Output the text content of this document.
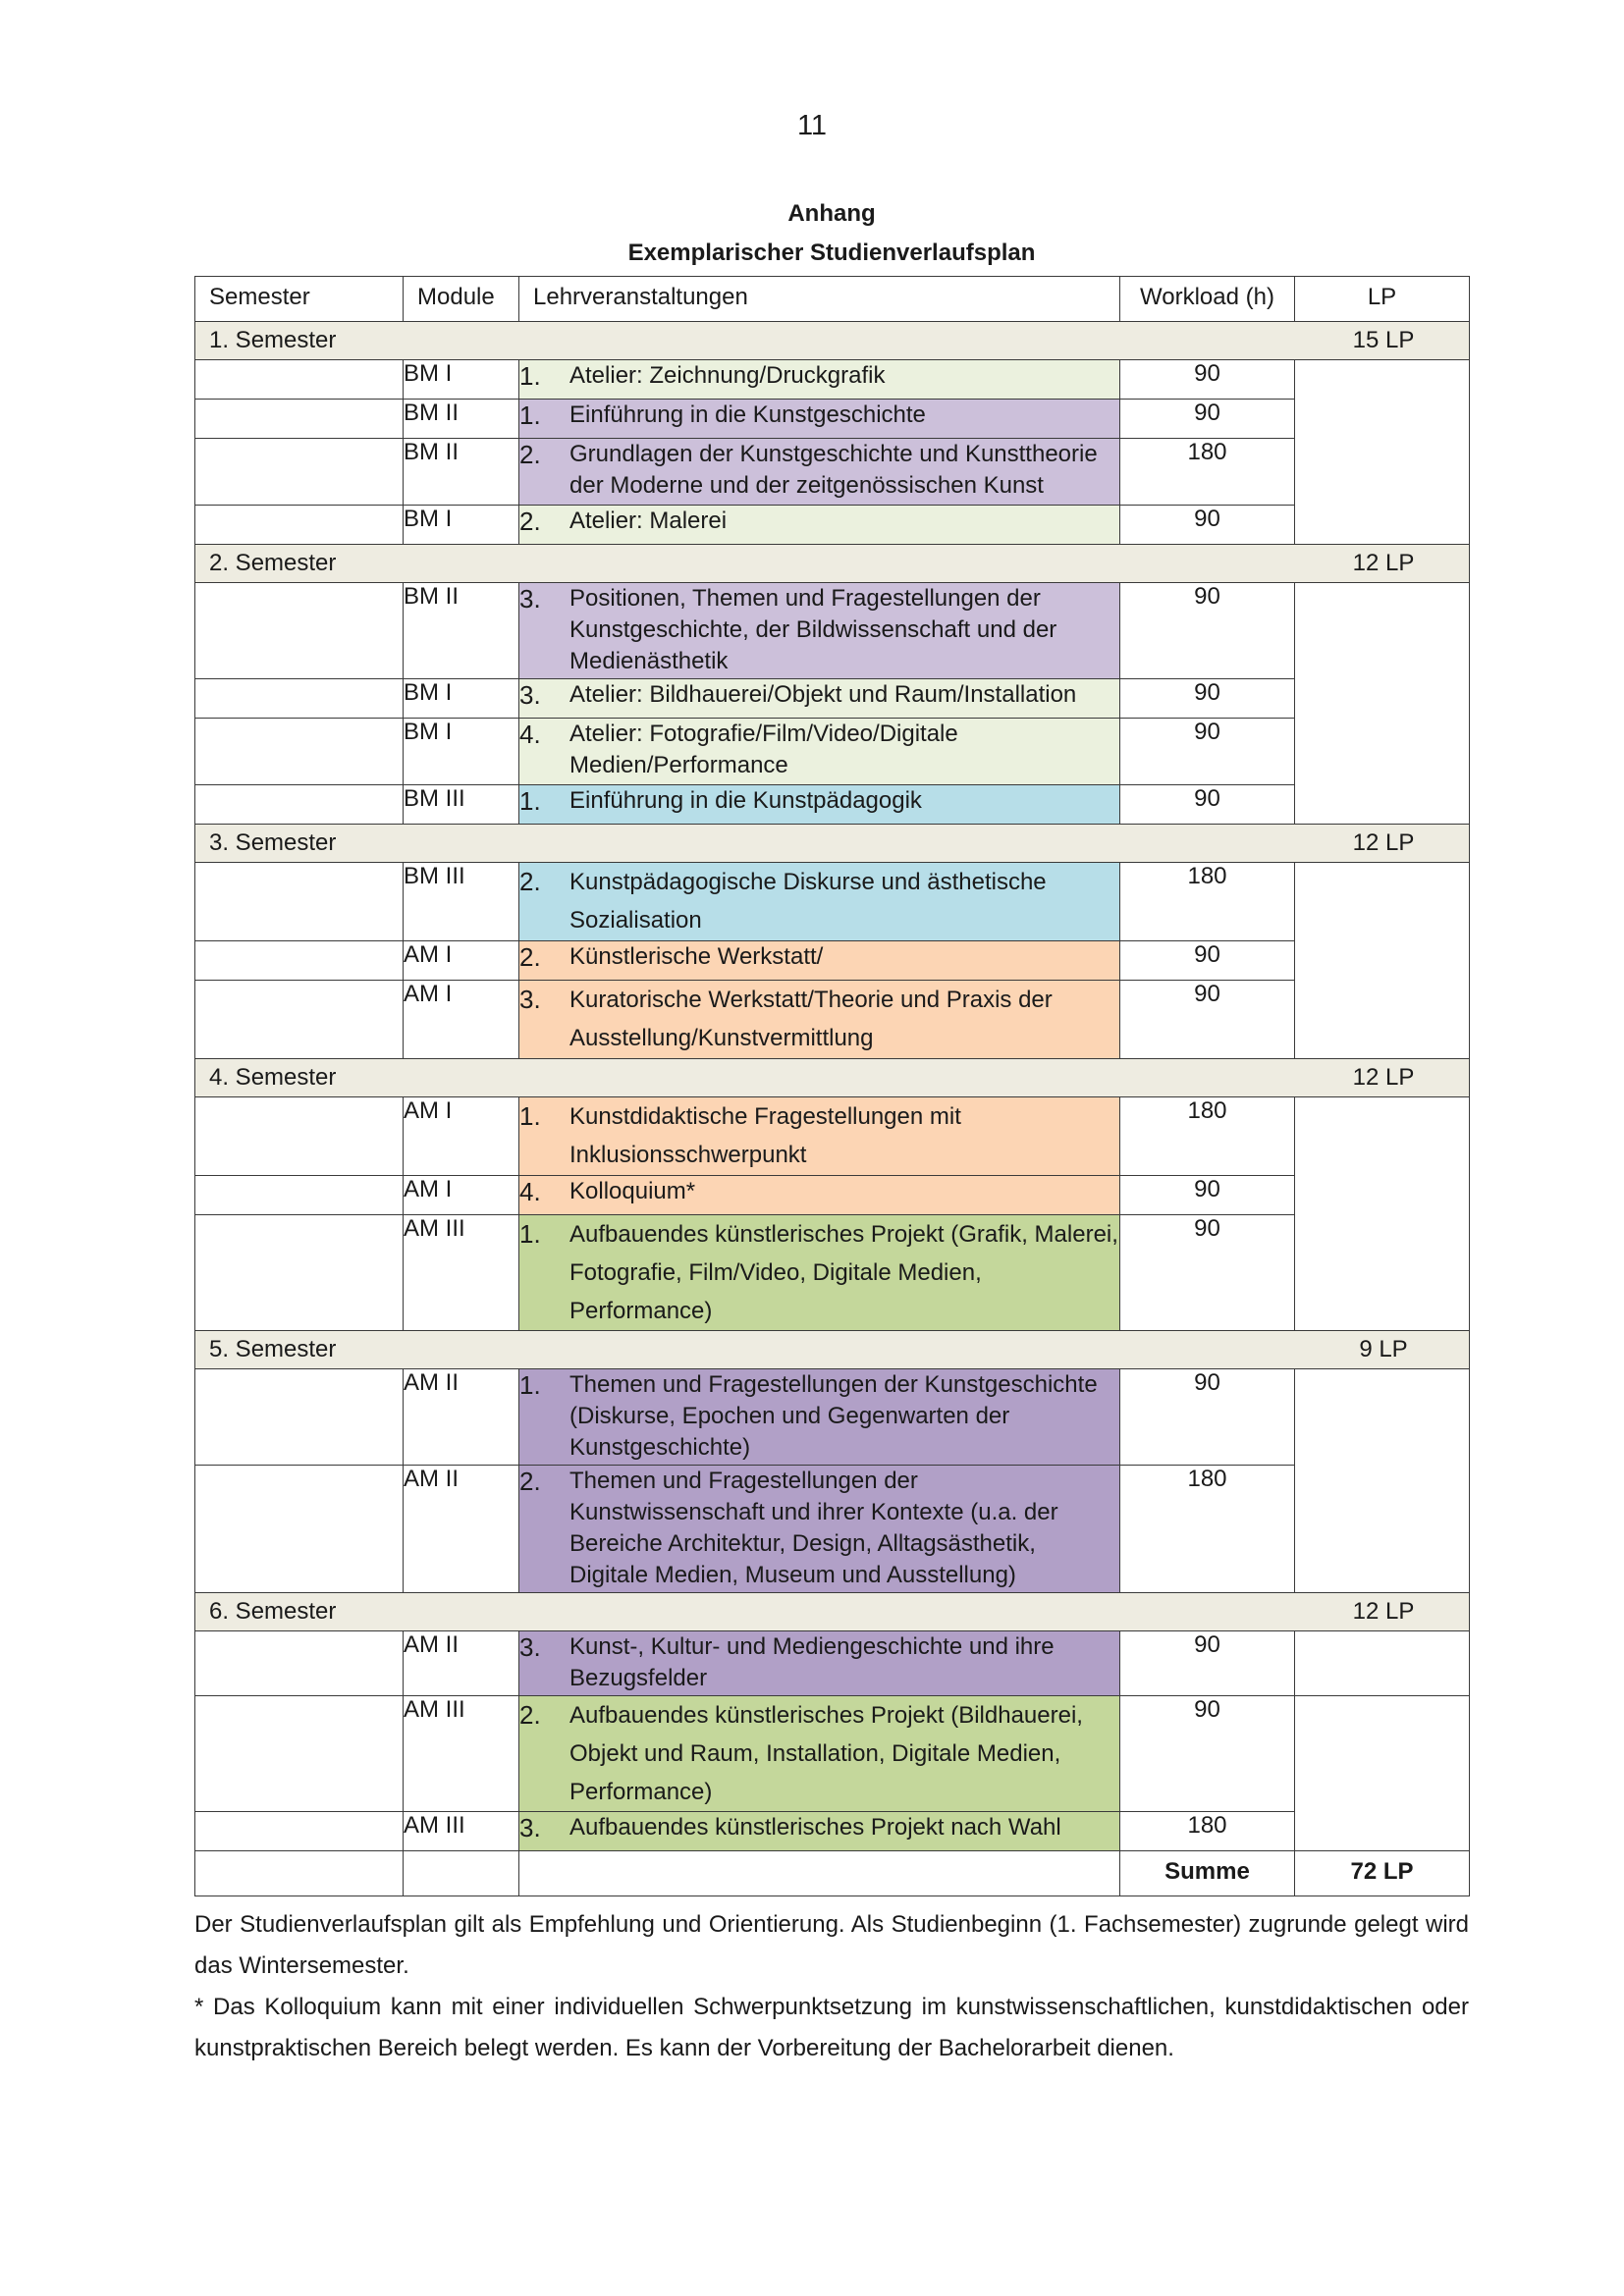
11
Anhang
Exemplarischer Studienverlaufsplan
Semester	Module	Lehrveranstaltungen	Workload (h)	LP

1. Semester 15 LP				

	BM I	1. Atelier: Zeichnung/Druckgrafik	90	
	BM II	1. Einführung in die Kunstgeschichte	90	
	BM II	2. Grundlagen der Kunstgeschichte und Kunsttheorie der Moderne und der zeitgenössischen Kunst	180	
	BM I	2. Atelier: Malerei	90	

2. Semester 12 LP				

	BM II	3. Positionen, Themen und Fragestellungen der Kunstgeschichte, der Bildwissenschaft und der Medienästhetik	90	
	BM I	3. Atelier: Bildhauerei/Objekt und Raum/Installation	90	
	BM I	4. Atelier: Fotografie/Film/Video/Digitale Medien/Performance	90	
	BM III	1. Einführung in die Kunstpädagogik	90	

3. Semester 12 LP				

	BM III	2. Kunstpädagogische Diskurse und ästhetische Sozialisation	180	
	AM I	2. Künstlerische Werkstatt/	90	
	AM I	3. Kuratorische Werkstatt/Theorie und Praxis der Ausstellung/Kunstvermittlung	90	

4. Semester 12 LP				

	AM I	1. Kunstdidaktische Fragestellungen mit Inklusionsschwerpunkt	180	
	AM I	4. Kolloquium*	90	
	AM III	1. Aufbauendes künstlerisches Projekt (Grafik, Malerei, Fotografie, Film/Video, Digitale Medien, Performance)	90	

5. Semester 9 LP				

	AM II	1. Themen und Fragestellungen der Kunstgeschichte (Diskurse, Epochen und Gegenwarten der Kunstgeschichte)	90	
	AM II	2. Themen und Fragestellungen der Kunstwissenschaft und ihrer Kontexte (u.a. der Bereiche Architektur, Design, Alltagsästhetik, Digitale Medien, Museum und Ausstellung)	180	

6. Semester 12 LP				

	AM II	3. Kunst-, Kultur- und Mediengeschichte und ihre Bezugsfelder	90	
	AM III	2. Aufbauendes künstlerisches Projekt (Bildhauerei, Objekt und Raum, Installation, Digitale Medien, Performance)	90	
	AM III	3. Aufbauendes künstlerisches Projekt nach Wahl	180	
			Summe	72 LP
Der Studienverlaufsplan gilt als Empfehlung und Orientierung. Als Studienbeginn (1. Fachsemester) zugrunde gelegt wird das Wintersemester.
* Das Kolloquium kann mit einer individuellen Schwerpunktsetzung im kunstwissenschaftlichen, kunstdidaktischen oder kunstpraktischen Bereich belegt werden. Es kann der Vorbereitung der Bachelorarbeit dienen.
